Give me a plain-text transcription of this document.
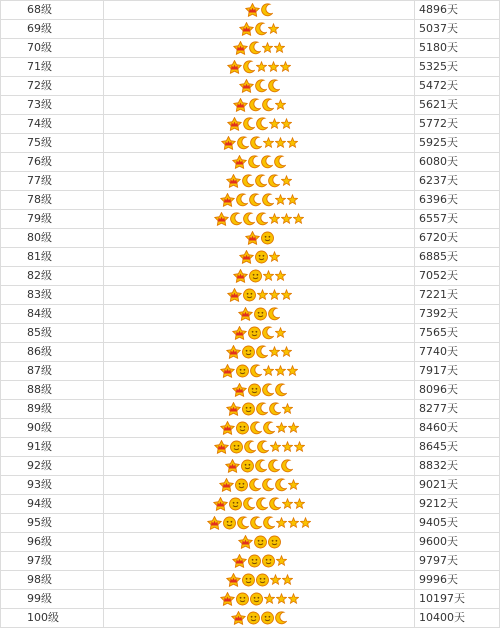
68级		4896天
69级		5037天
70级		5180天
71级		5325天
72级		5472天
73级		5621天
74级		5772天
75级		5925天
76级		6080天
77级		6237天
78级		6396天
79级		6557天
80级		6720天
81级		6885天
82级		7052天
83级		7221天
84级		7392天
85级		7565天
86级		7740天
87级		7917天
88级		8096天
89级		8277天
90级		8460天
91级		8645天
92级		8832天
93级		9021天
94级		9212天
95级		9405天
96级		9600天
97级		9797天
98级		9996天
99级		10197天
100级		10400天
